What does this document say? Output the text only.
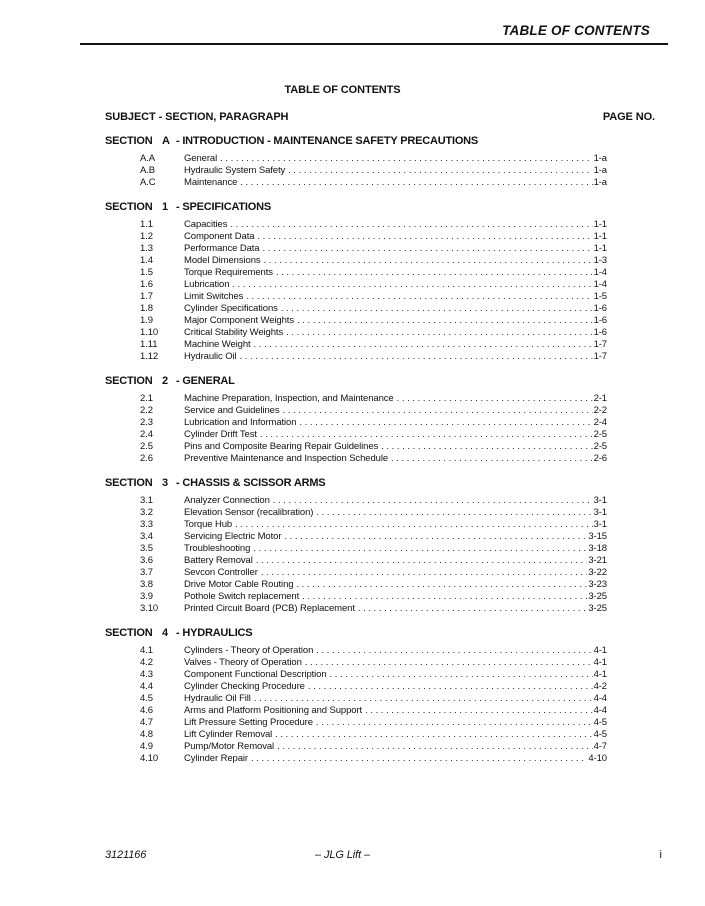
TABLE OF CONTENTS
TABLE OF CONTENTS
SUBJECT - SECTION, PARAGRAPH	PAGE NO.
SECTION A - INTRODUCTION - MAINTENANCE SAFETY PRECAUTIONS
A.A	General .....	1-a
A.B	Hydraulic System Safety .....	1-a
A.C	Maintenance .....	1-a
SECTION 1 - SPECIFICATIONS
1.1	Capacities .....	1-1
1.2	Component Data .....	1-1
1.3	Performance Data .....	1-1
1.4	Model Dimensions .....	1-3
1.5	Torque Requirements .....	1-4
1.6	Lubrication .....	1-4
1.7	Limit Switches .....	1-5
1.8	Cylinder Specifications .....	1-6
1.9	Major Component Weights .....	1-6
1.10	Critical Stability Weights .....	1-6
1.11	Machine Weight .....	1-7
1.12	Hydraulic Oil .....	1-7
SECTION 2 - GENERAL
2.1	Machine Preparation, Inspection, and Maintenance .....	2-1
2.2	Service and Guidelines .....	2-2
2.3	Lubrication and Information .....	2-4
2.4	Cylinder Drift Test .....	2-5
2.5	Pins and Composite Bearing Repair Guidelines .....	2-5
2.6	Preventive Maintenance and Inspection Schedule .....	2-6
SECTION 3 - CHASSIS & SCISSOR ARMS
3.1	Analyzer Connection .....	3-1
3.2	Elevation Sensor (recalibration) .....	3-1
3.3	Torque Hub .....	3-1
3.4	Servicing Electric Motor .....	3-15
3.5	Troubleshooting .....	3-18
3.6	Battery Removal .....	3-21
3.7	Sevcon Controller .....	3-22
3.8	Drive Motor Cable Routing .....	3-23
3.9	Pothole Switch replacement .....	3-25
3.10	Printed Circuit Board (PCB) Replacement .....	3-25
SECTION 4 - HYDRAULICS
4.1	Cylinders - Theory of Operation .....	4-1
4.2	Valves - Theory of Operation .....	4-1
4.3	Component Functional Description .....	4-1
4.4	Cylinder Checking Procedure .....	4-2
4.5	Hydraulic Oil Fill .....	4-4
4.6	Arms and Platform Positioning and Support .....	4-4
4.7	Lift Pressure Setting Procedure .....	4-5
4.8	Lift Cylinder Removal .....	4-5
4.9	Pump/Motor Removal .....	4-7
4.10	Cylinder Repair .....	4-10
3121166	– JLG Lift –	i
